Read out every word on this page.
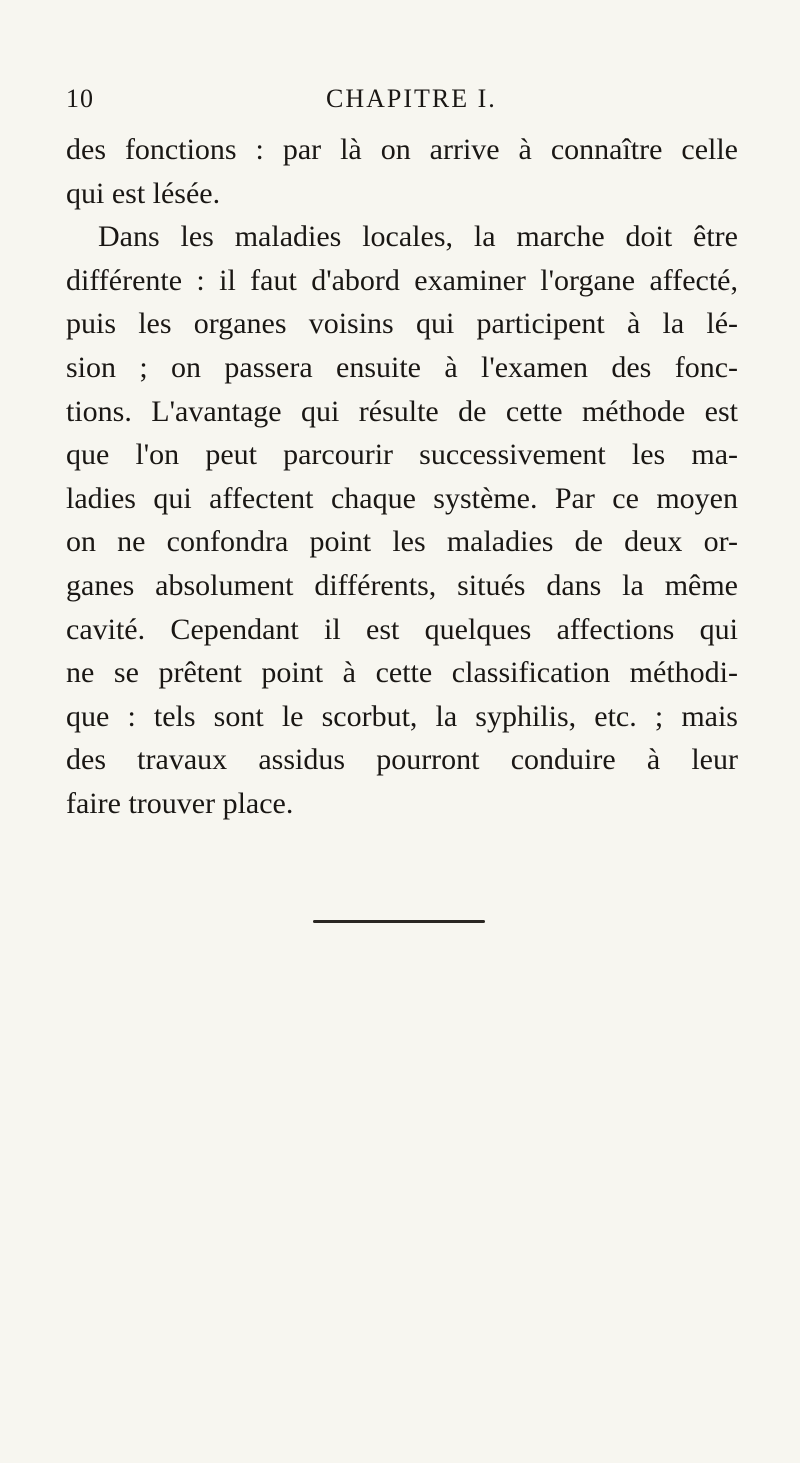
10	CHAPITRE I.
des fonctions : par là on arrive à connaître celle
qui est lésée.
Dans les maladies locales, la marche doit être
différente : il faut d'abord examiner l'organe affecté,
puis les organes voisins qui participent à la lé-
sion ; on passera ensuite à l'examen des fonc-
tions. L'avantage qui résulte de cette méthode est
que l'on peut parcourir successivement les ma-
ladies qui affectent chaque système. Par ce moyen
on ne confondra point les maladies de deux or-
ganes absolument différents, situés dans la même
cavité. Cependant il est quelques affections qui
ne se prêtent point à cette classification méthodi-
que : tels sont le scorbut, la syphilis, etc. ; mais
des travaux assidus pourront conduire à leur
faire trouver place.
